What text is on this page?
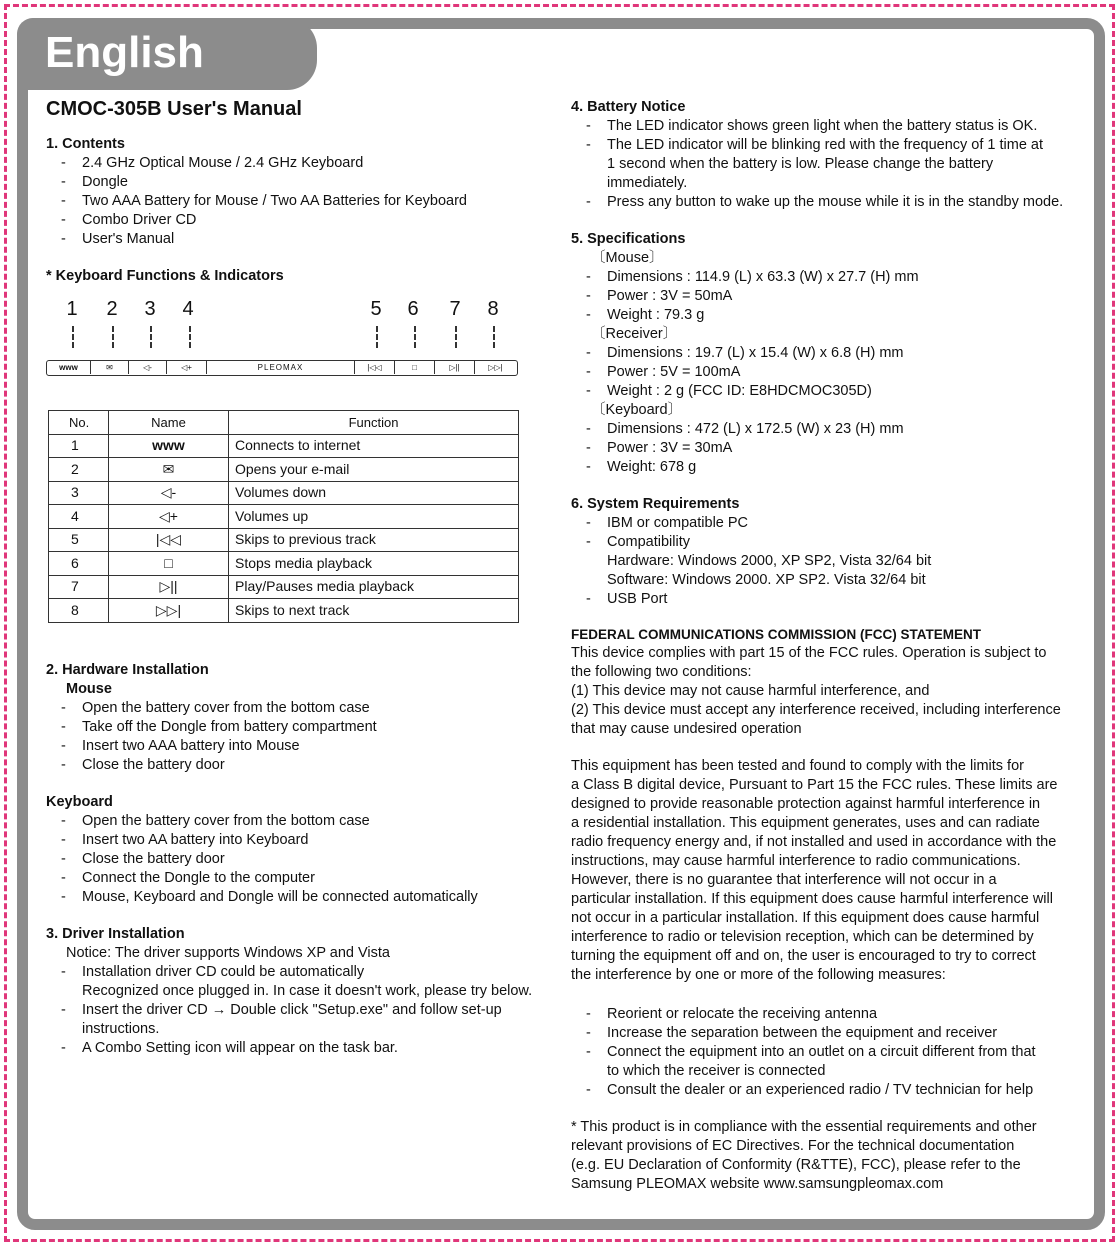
English
CMOC-305B User's Manual
1. Contents
- 2.4 GHz Optical Mouse / 2.4 GHz Keyboard
- Dongle
- Two AAA Battery for Mouse / Two AA Batteries for Keyboard
- Combo Driver CD
- User's Manual
* Keyboard Functions & Indicators
1 2 3 4	5 6 7 8
www	✉	◁-	◁+	PLEOMAX	|◁◁	□	▷||	▷▷|
No.	Name	Function
1	www	Connects to internet
2	✉	Opens your e-mail
3	◁-	Volumes down
4	◁+	Volumes up
5	|◁◁	Skips to previous track
6	□	Stops media playback
7	▷||	Play/Pauses media playback
8	▷▷|	Skips to next track
2. Hardware Installation
Mouse
- Open the battery cover from the bottom case
- Take off the Dongle from battery compartment
- Insert two AAA battery into Mouse
- Close the battery door
Keyboard
- Open the battery cover from the bottom case
- Insert two AA battery into Keyboard
- Close the battery door
- Connect the Dongle to the computer
- Mouse, Keyboard and Dongle will be connected automatically
3. Driver Installation
Notice: The driver supports Windows XP and Vista
- Installation driver CD could be automatically
Recognized once plugged in. In case it doesn't work, please try below.
- Insert the driver CD → Double click "Setup.exe" and follow set-up
instructions.
- A Combo Setting icon will appear on the task bar.
4. Battery Notice
- The LED indicator shows green light when the battery status is OK.
- The LED indicator will be blinking red with the frequency of 1 time at
1 second when the battery is low. Please change the battery
immediately.
- Press any button to wake up the mouse while it is in the standby mode.
5. Specifications
〔Mouse〕
- Dimensions : 114.9 (L) x 63.3 (W) x 27.7 (H) mm
- Power : 3V = 50mA
- Weight : 79.3 g
〔Receiver〕
- Dimensions : 19.7 (L) x 15.4 (W) x 6.8 (H) mm
- Power : 5V = 100mA
- Weight : 2 g (FCC ID: E8HDCMOC305D)
〔Keyboard〕
- Dimensions : 472 (L) x 172.5 (W) x 23 (H) mm
- Power : 3V = 30mA
- Weight: 678 g
6. System Requirements
- IBM or compatible PC
- Compatibility
Hardware: Windows 2000, XP SP2, Vista 32/64 bit
Software: Windows 2000. XP SP2. Vista 32/64 bit
- USB Port
FEDERAL COMMUNICATIONS COMMISSION (FCC) STATEMENT
This device complies with part 15 of the FCC rules. Operation is subject to
the following two conditions:
(1) This device may not cause harmful interference, and
(2) This device must accept any interference received, including interference
that may cause undesired operation
This equipment has been tested and found to comply with the limits for
a Class B digital device, Pursuant to Part 15 the FCC rules. These limits are
designed to provide reasonable protection against harmful interference in
a residential installation. This equipment generates, uses and can radiate
radio frequency energy and, if not installed and used in accordance with the
instructions, may cause harmful interference to radio communications.
However, there is no guarantee that interference will not occur in a
particular installation. If this equipment does cause harmful interference will
not occur in a particular installation. If this equipment does cause harmful
interference to radio or television reception, which can be determined by
turning the equipment off and on, the user is encouraged to try to correct
the interference by one or more of the following measures:
- Reorient or relocate the receiving antenna
- Increase the separation between the equipment and receiver
- Connect the equipment into an outlet on a circuit different from that
to which the receiver is connected
- Consult the dealer or an experienced radio / TV technician for help
* This product is in compliance with the essential requirements and other
relevant provisions of EC Directives. For the technical documentation
(e.g. EU Declaration of Conformity (R&TTE), FCC), please refer to the
Samsung PLEOMAX website www.samsungpleomax.com
